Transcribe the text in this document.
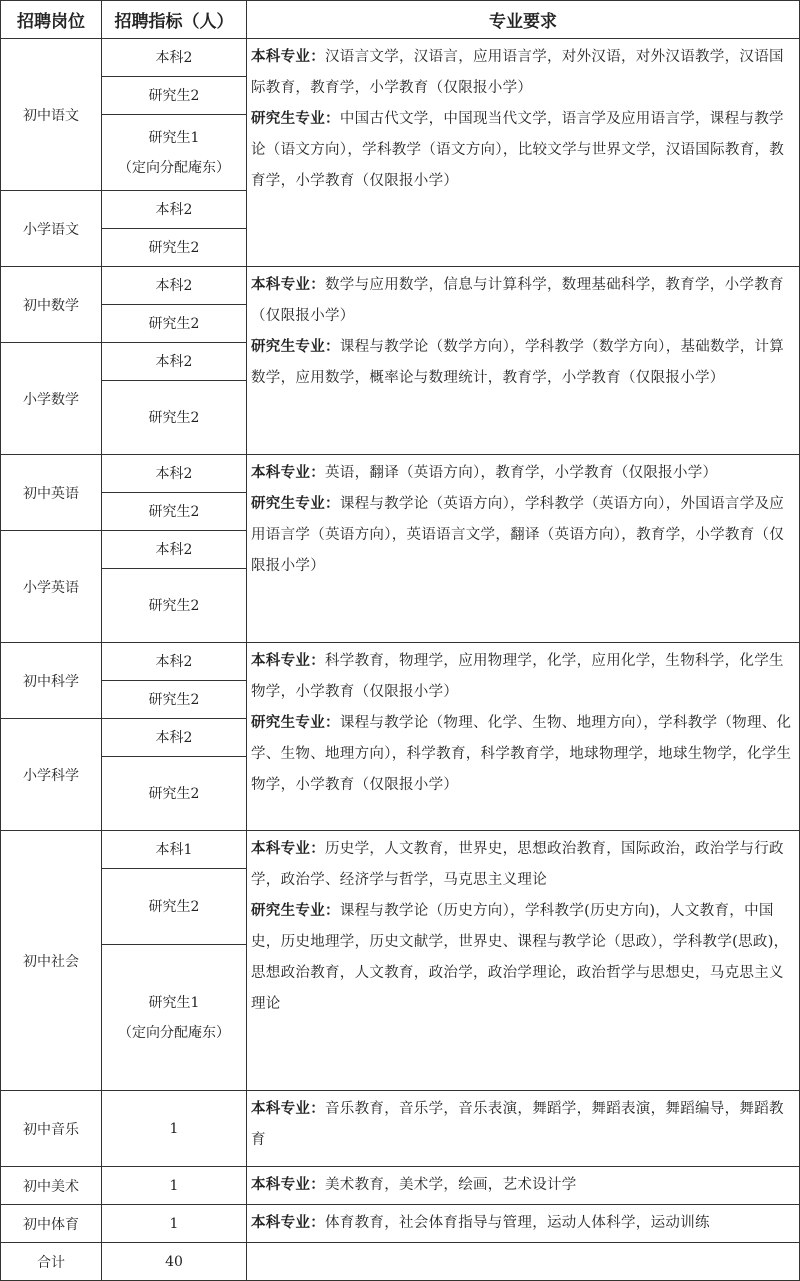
招聘岗位	招聘指标（人）	专业要求
初中语文	本科2	本科专业：汉语言文学，汉语言，应用语言学，对外汉语，对外汉语教学，汉语国际教育，教育学，小学教育（仅限报小学）
研究生专业：中国古代文学，中国现当代文学，语言学及应用语言学，课程与教学论（语文方向），学科教学（语文方向），比较文学与世界文学，汉语国际教育，教育学，小学教育（仅限报小学）

	研究生2	

	研究生1
（定向分配庵东）	

小学语文	本科2	
	研究生2	
初中数学	本科2	本科专业：数学与应用数学，信息与计算科学，数理基础科学，教育学，小学教育（仅限报小学）
研究生专业：课程与教学论（数学方向），学科教学（数学方向），基础数学，计算数学，应用数学，概率论与数理统计，教育学，小学教育（仅限报小学）

	研究生2	
小学数学	本科2	
	研究生2	
初中英语	本科2	本科专业：英语，翻译（英语方向），教育学，小学教育（仅限报小学）
研究生专业：课程与教学论（英语方向），学科教学（英语方向），外国语言学及应用语言学（英语方向），英语语言文学，翻译（英语方向），教育学，小学教育（仅限报小学）

	研究生2	
小学英语	本科2	
	研究生2	
初中科学	本科2	本科专业：科学教育，物理学，应用物理学，化学，应用化学，生物科学，化学生物学，小学教育（仅限报小学）
研究生专业：课程与教学论（物理、化学、生物、地理方向），学科教学（物理、化学、生物、地理方向），科学教育，科学教育学，地球物理学，地球生物学，化学生物学，小学教育（仅限报小学）

	研究生2	
小学科学	本科2	
	研究生2	
初中社会	本科1	本科专业：历史学，人文教育，世界史，思想政治教育，国际政治，政治学与行政学，政治学、经济学与哲学，马克思主义理论
研究生专业：课程与教学论（历史方向），学科教学(历史方向)，人文教育，中国史，历史地理学，历史文献学，世界史、课程与教学论（思政），学科教学(思政)，思想政治教育，人文教育，政治学，政治学理论，政治哲学与思想史，马克思主义理论

	研究生2	

	研究生1
（定向分配庵东）	

初中音乐	1	本科专业：音乐教育，音乐学，音乐表演，舞蹈学，舞蹈表演，舞蹈编导，舞蹈教育

初中美术	1	本科专业：美术教育，美术学，绘画，艺术设计学

初中体育	1	本科专业：体育教育，社会体育指导与管理，运动人体科学，运动训练

合计	40	
